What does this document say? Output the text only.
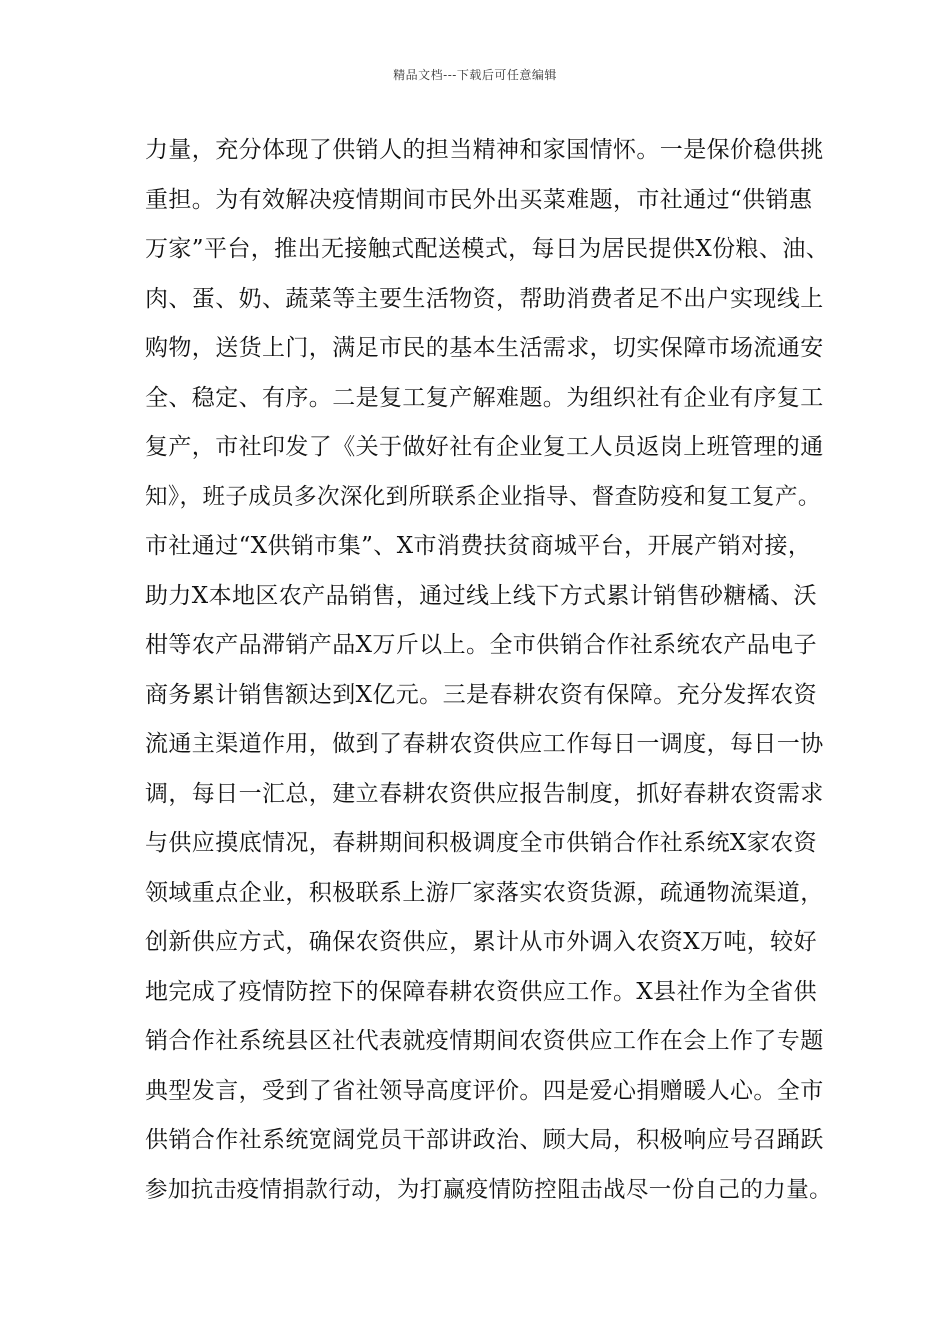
精品文档---下载后可任意编辑
力量，充分体现了供销人的担当精神和家国情怀。一是保价稳供挑
重担。为有效解决疫情期间市民外出买菜难题，市社通过“供销惠
万家”平台，推出无接触式配送模式，每日为居民提供X份粮、油、
肉、蛋、奶、蔬菜等主要生活物资，帮助消费者足不出户实现线上
购物，送货上门，满足市民的基本生活需求，切实保障市场流通安
全、稳定、有序。二是复工复产解难题。为组织社有企业有序复工
复产，市社印发了《关于做好社有企业复工人员返岗上班管理的通
知》，班子成员多次深化到所联系企业指导、督查防疫和复工复产。
市社通过“X供销市集”、X市消费扶贫商城平台，开展产销对接，
助力X本地区农产品销售，通过线上线下方式累计销售砂糖橘、沃
柑等农产品滞销产品X万斤以上。全市供销合作社系统农产品电子
商务累计销售额达到X亿元。三是春耕农资有保障。充分发挥农资
流通主渠道作用，做到了春耕农资供应工作每日一调度，每日一协
调，每日一汇总，建立春耕农资供应报告制度，抓好春耕农资需求
与供应摸底情况，春耕期间积极调度全市供销合作社系统X家农资
领域重点企业，积极联系上游厂家落实农资货源，疏通物流渠道，
创新供应方式，确保农资供应，累计从市外调入农资X万吨，较好
地完成了疫情防控下的保障春耕农资供应工作。X县社作为全省供
销合作社系统县区社代表就疫情期间农资供应工作在会上作了专题
典型发言，受到了省社领导高度评价。四是爱心捐赠暖人心。全市
供销合作社系统宽阔党员干部讲政治、顾大局，积极响应号召踊跃
参加抗击疫情捐款行动，为打赢疫情防控阻击战尽一份自己的力量。
